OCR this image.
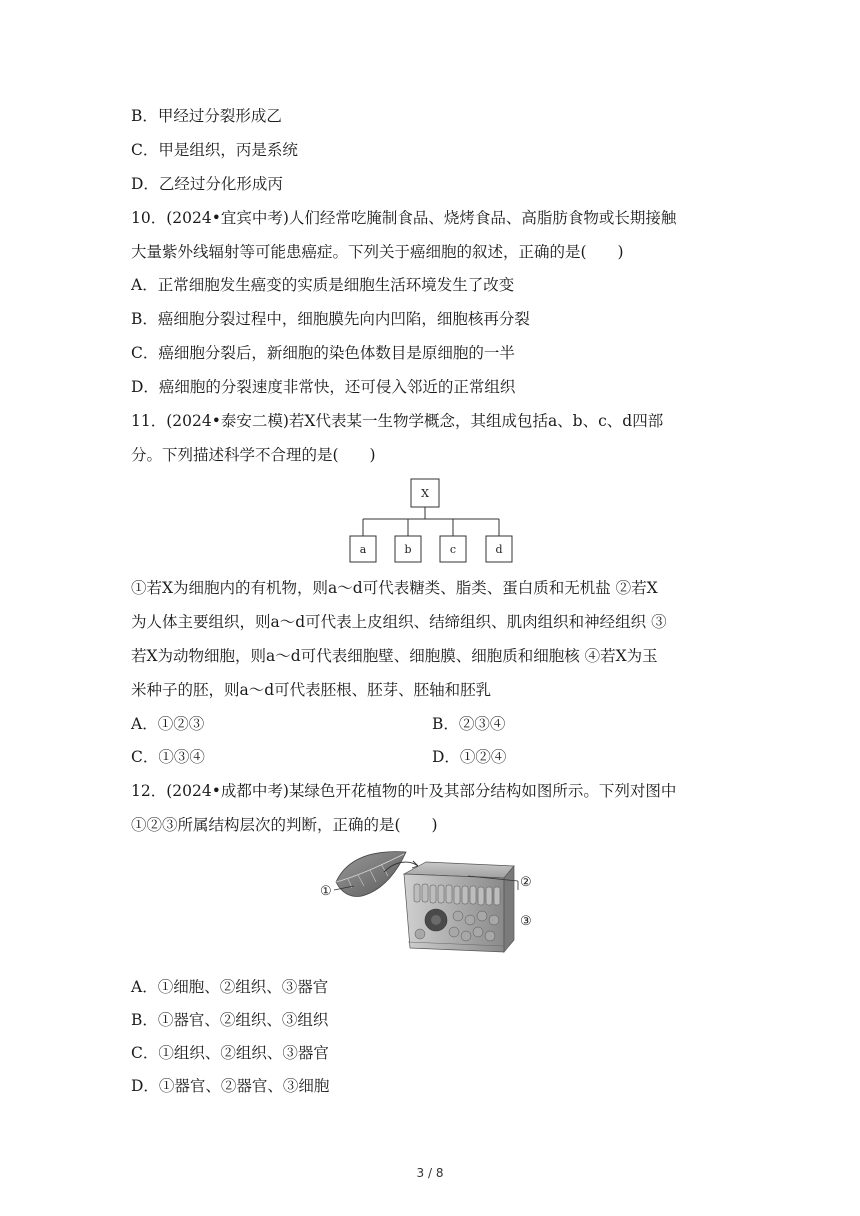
B．甲经过分裂形成乙
C．甲是组织，丙是系统
D．乙经过分化形成丙
10．(2024•宜宾中考)人们经常吃腌制食品、烧烤食品、高脂肪食物或长期接触
大量紫外线辐射等可能患癌症。下列关于癌细胞的叙述，正确的是(　　)
A．正常细胞发生癌变的实质是细胞生活环境发生了改变
B．癌细胞分裂过程中，细胞膜先向内凹陷，细胞核再分裂
C．癌细胞分裂后，新细胞的染色体数目是原细胞的一半
D．癌细胞的分裂速度非常快，还可侵入邻近的正常组织
11．(2024•泰安二模)若X代表某一生物学概念，其组成包括a、b、c、d四部
分。下列描述科学不合理的是(　　)
X
a	b	c	d
①若X为细胞内的有机物，则a～d可代表糖类、脂类、蛋白质和无机盐 ②若X
为人体主要组织，则a～d可代表上皮组织、结缔组织、肌肉组织和神经组织 ③
若X为动物细胞，则a～d可代表细胞壁、细胞膜、细胞质和细胞核 ④若X为玉
米种子的胚，则a～d可代表胚根、胚芽、胚轴和胚乳
A．①②③	B．②③④
C．①③④	D．①②④
12．(2024•成都中考)某绿色开花植物的叶及其部分结构如图所示。下列对图中
①②③所属结构层次的判断，正确的是(　　)
①
②
③
A．①细胞、②组织、③器官
B．①器官、②组织、③组织
C．①组织、②组织、③器官
D．①器官、②器官、③细胞
3 / 8
